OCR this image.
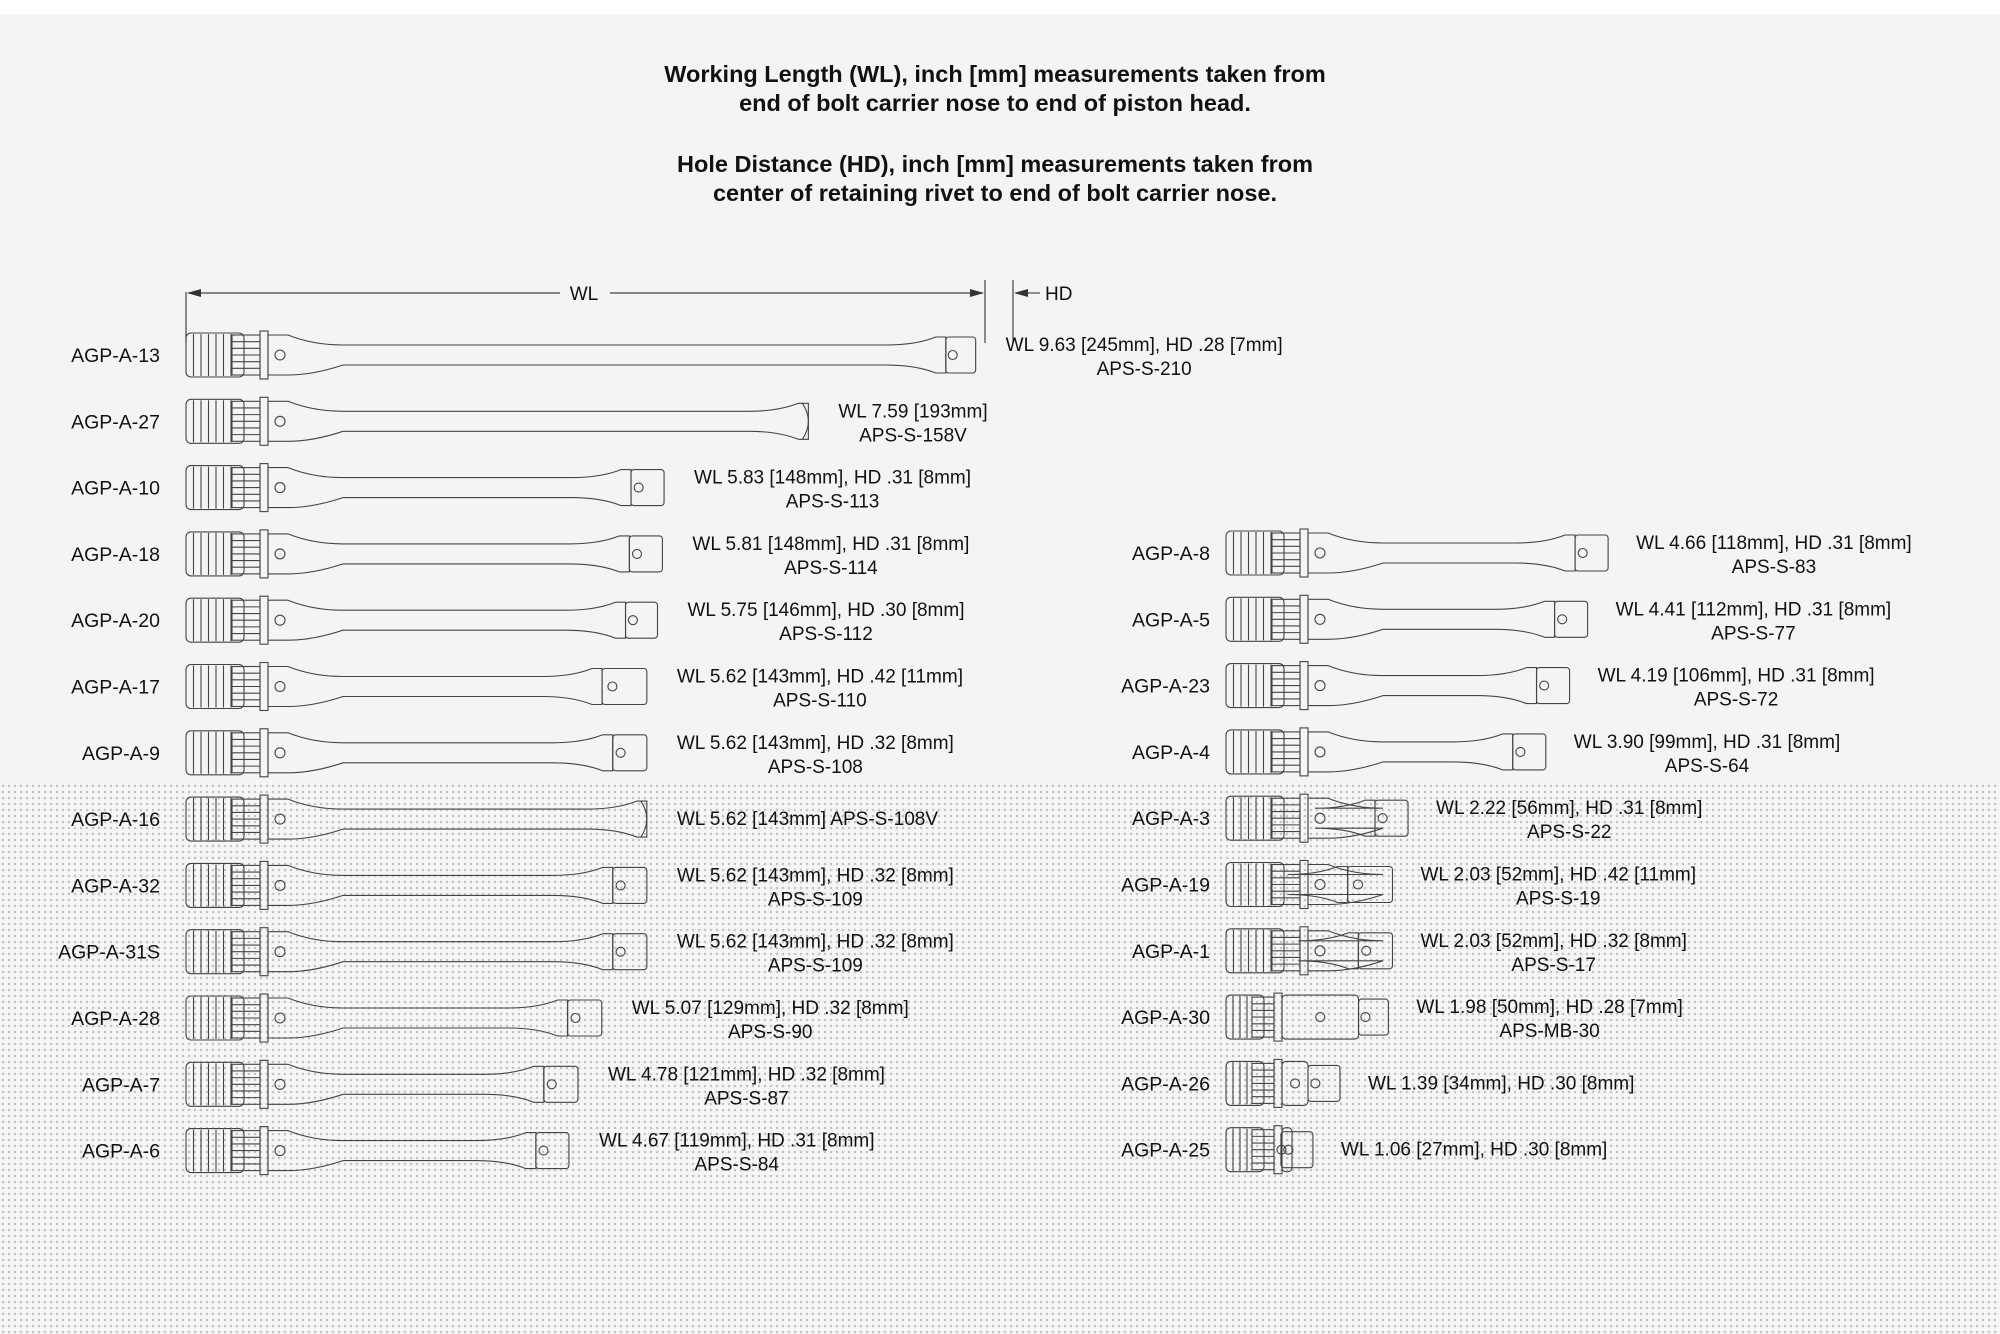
Working Length (WL), inch [mm] measurements taken from
end of bolt carrier nose to end of piston head.
Hole Distance (HD), inch [mm] measurements taken from
center of retaining rivet to end of bolt carrier nose.
WL	HD
AGP-A-13	WL 9.63 [245mm], HD .28 [7mm]
APS-S-210
AGP-A-27	WL 7.59 [193mm]
APS-S-158V
AGP-A-10	WL 5.83 [148mm], HD .31 [8mm]
APS-S-113
AGP-A-18	WL 5.81 [148mm], HD .31 [8mm]
APS-S-114
AGP-A-20	WL 5.75 [146mm], HD .30 [8mm]
APS-S-112
AGP-A-17	WL 5.62 [143mm], HD .42 [11mm]
APS-S-110
AGP-A-9	WL 5.62 [143mm], HD .32 [8mm]
APS-S-108
AGP-A-16	WL 5.62 [143mm] APS-S-108V
AGP-A-32	WL 5.62 [143mm], HD .32 [8mm]
APS-S-109
AGP-A-31S	WL 5.62 [143mm], HD .32 [8mm]
APS-S-109
AGP-A-28	WL 5.07 [129mm], HD .32 [8mm]
APS-S-90
AGP-A-7	WL 4.78 [121mm], HD .32 [8mm]
APS-S-87
AGP-A-6	WL 4.67 [119mm], HD .31 [8mm]
APS-S-84
AGP-A-8	WL 4.66 [118mm], HD .31 [8mm]
APS-S-83
AGP-A-5	WL 4.41 [112mm], HD .31 [8mm]
APS-S-77
AGP-A-23	WL 4.19 [106mm], HD .31 [8mm]
APS-S-72
AGP-A-4	WL 3.90 [99mm], HD .31 [8mm]
APS-S-64
AGP-A-3	WL 2.22 [56mm], HD .31 [8mm]
APS-S-22
AGP-A-19	WL 2.03 [52mm], HD .42 [11mm]
APS-S-19
AGP-A-1	WL 2.03 [52mm], HD .32 [8mm]
APS-S-17
AGP-A-30	WL 1.98 [50mm], HD .28 [7mm]
APS-MB-30
AGP-A-26	WL 1.39 [34mm], HD .30 [8mm]
AGP-A-25	WL 1.06 [27mm], HD .30 [8mm]
